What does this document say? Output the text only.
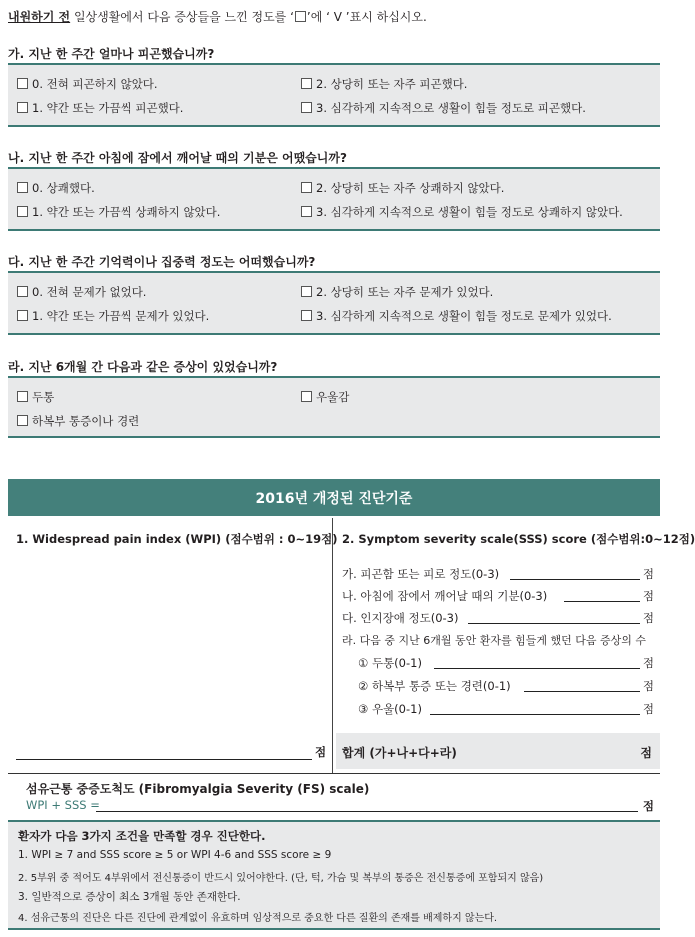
내원하기 전 일상생활에서 다음 증상들을 느낀 정도를 ‘ ’에 ‘ V ’표시 하십시오.
가. 지난 한 주간 얼마나 피곤했습니까?
0. 전혀 피곤하지 않았다.
1. 약간 또는 가끔씩 피곤했다.
2. 상당히 또는 자주 피곤했다.
3. 심각하게 지속적으로 생활이 힘들 정도로 피곤했다.
나. 지난 한 주간 아침에 잠에서 깨어날 때의 기분은 어땠습니까?
0. 상쾌했다.
1. 약간 또는 가끔씩 상쾌하지 않았다.
2. 상당히 또는 자주 상쾌하지 않았다.
3. 심각하게 지속적으로 생활이 힘들 정도로 상쾌하지 않았다.
다. 지난 한 주간 기억력이나 집중력 정도는 어떠했습니까?
0. 전혀 문제가 없었다.
1. 약간 또는 가끔씩 문제가 있었다.
2. 상당히 또는 자주 문제가 있었다.
3. 심각하게 지속적으로 생활이 힘들 정도로 문제가 있었다.
라. 지난 6개월 간 다음과 같은 증상이 있었습니까?
두통
하복부 통증이나 경련
우울감
2016년 개정된 진단기준
1. Widespread pain index (WPI) (점수범위 : 0~19점)
점
2. Symptom severity scale(SSS) score (점수범위:0~12점)
가. 피곤함 또는 피로 정도(0-3)	점
나. 아침에 잠에서 깨어날 때의 기분(0-3)	점
다. 인지장애 정도(0-3)	점
라. 다음 중 지난 6개월 동안 환자를 힘들게 했던 다음 증상의 수
① 두통(0-1)	점
② 하복부 통증 또는 경련(0-1)	점
③ 우울(0-1)	점
합계 (가+나+다+라)	점
섬유근통 중증도척도 (Fibromyalgia Severity (FS) scale)
WPI + SSS =	점
환자가 다음 3가지 조건을 만족할 경우 진단한다.
1. WPI ≥ 7 and SSS score ≥ 5 or WPI 4-6 and SSS score ≥ 9
2. 5부위 중 적어도 4부위에서 전신통증이 반드시 있어야한다. (단, 턱, 가슴 및 복부의 통증은 전신통증에 포함되지 않음)
3. 일반적으로 증상이 최소 3개월 동안 존재한다.
4. 섬유근통의 진단은 다른 진단에 관계없이 유효하며 임상적으로 중요한 다른 질환의 존재를 배제하지 않는다.
